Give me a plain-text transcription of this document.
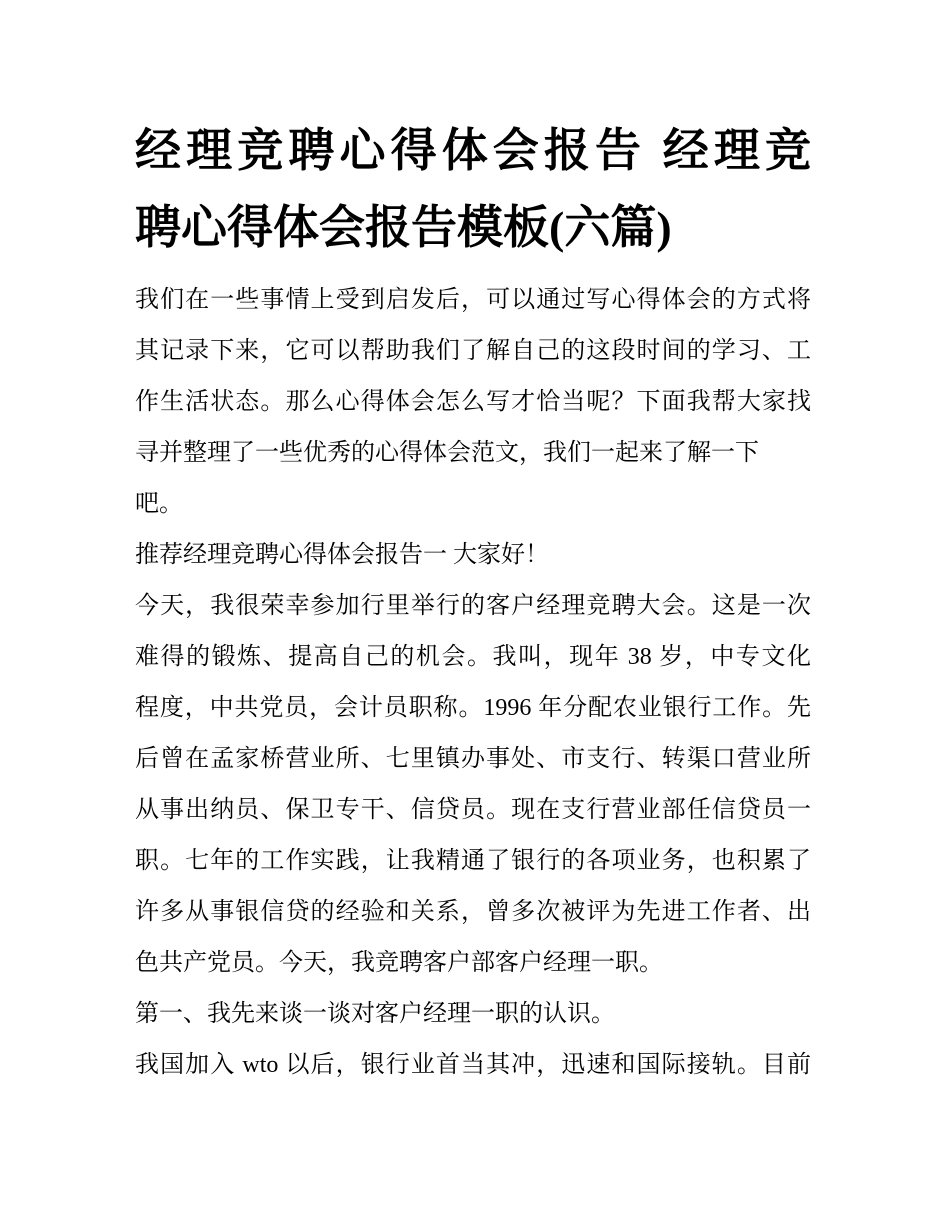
经理竞聘心得体会报告 经理竞
聘心得体会报告模板(六篇)
我们在一些事情上受到启发后，可以通过写心得体会的方式将
其记录下来，它可以帮助我们了解自己的这段时间的学习、工
作生活状态。那么心得体会怎么写才恰当呢？下面我帮大家找
寻并整理了一些优秀的心得体会范文，我们一起来了解一下
吧。
推荐经理竞聘心得体会报告一 大家好！
今天，我很荣幸参加行里举行的客户经理竞聘大会。这是一次
难得的锻炼、提高自己的机会。我叫，现年 38 岁，中专文化
程度，中共党员，会计员职称。1996 年分配农业银行工作。先
后曾在孟家桥营业所、七里镇办事处、市支行、转渠口营业所
从事出纳员、保卫专干、信贷员。现在支行营业部任信贷员一
职。七年的工作实践，让我精通了银行的各项业务，也积累了
许多从事银信贷的经验和关系，曾多次被评为先进工作者、出
色共产党员。今天，我竞聘客户部客户经理一职。
第一、我先来谈一谈对客户经理一职的认识。
我国加入 wto 以后，银行业首当其冲，迅速和国际接轨。目前
